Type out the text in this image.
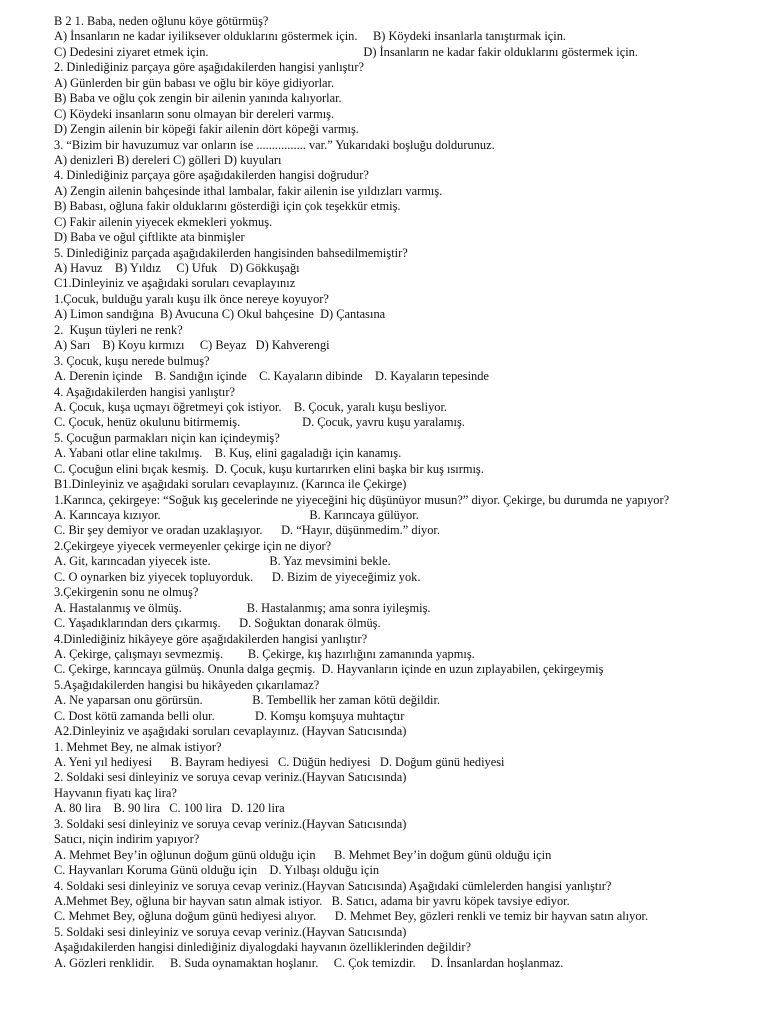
B 2 1. Baba, neden oğlunu köye götürmüş?
A) İnsanların ne kadar iyiliksever olduklarını göstermek için.     B) Köydeki insanlarla tanıştırmak için.
C) Dedesini ziyaret etmek için.                                                  D) İnsanların ne kadar fakir olduklarını göstermek için.
2. Dinlediğiniz parçaya göre aşağıdakilerden hangisi yanlıştır?
A) Günlerden bir gün babası ve oğlu bir köye gidiyorlar.
B) Baba ve oğlu çok zengin bir ailenin yanında kalıyorlar.
C) Köydeki insanların sonu olmayan bir dereleri varmış.
D) Zengin ailenin bir köpeği fakir ailenin dört köpeği varmış.
3. “Bizim bir havuzumuz var onların ise ................ var.” Yukarıdaki boşluğu doldurunuz.
A) denizleri B) dereleri C) gölleri D) kuyuları
4. Dinlediğiniz parçaya göre aşağıdakilerden hangisi doğrudur?
A) Zengin ailenin bahçesinde ithal lambalar, fakir ailenin ise yıldızları varmış.
B) Babası, oğluna fakir olduklarını gösterdiği için çok teşekkür etmiş.
C) Fakir ailenin yiyecek ekmekleri yokmuş.
D) Baba ve oğul çiftlikte ata binmişler
5. Dinlediğiniz parçada aşağıdakilerden hangisinden bahsedilmemiştir?
A) Havuz    B) Yıldız     C) Ufuk    D) Gökkuşağı
C1.Dinleyiniz ve aşağıdaki soruları cevaplayınız
1.Çocuk, bulduğu yaralı kuşu ilk önce nereye koyuyor?
A) Limon sandığına  B) Avucuna C) Okul bahçesine  D) Çantasına
2.  Kuşun tüyleri ne renk?
A) Sarı    B) Koyu kırmızı     C) Beyaz   D) Kahverengi
3. Çocuk, kuşu nerede bulmuş?
A. Derenin içinde    B. Sandığın içinde    C. Kayaların dibinde    D. Kayaların tepesinde
4. Aşağıdakilerden hangisi yanlıştır?
A. Çocuk, kuşa uçmayı öğretmeyi çok istiyor.    B. Çocuk, yaralı kuşu besliyor.
C. Çocuk, henüz okulunu bitirmemiş.                    D. Çocuk, yavru kuşu yaralamış.
5. Çocuğun parmakları niçin kan içindeymiş?
A. Yabani otlar eline takılmış.    B. Kuş, elini gagaladığı için kanamış.
C. Çocuğun elini bıçak kesmiş.  D. Çocuk, kuşu kurtarırken elini başka bir kuş ısırmış.
B1.Dinleyiniz ve aşağıdaki soruları cevaplayınız. (Karınca ile Çekirge)
1.Karınca, çekirgeye: “Soğuk kış gecelerinde ne yiyeceğini hiç düşünüyor musun?” diyor. Çekirge, bu durumda ne yapıyor?
A. Karıncaya kızıyor.                                                B. Karıncaya gülüyor.
C. Bir şey demiyor ve oradan uzaklaşıyor.      D. “Hayır, düşünmedim.” diyor.
2.Çekirgeye yiyecek vermeyenler çekirge için ne diyor?
A. Git, karıncadan yiyecek iste.                   B. Yaz mevsimini bekle.
C. O oynarken biz yiyecek topluyorduk.      D. Bizim de yiyeceğimiz yok.
3.Çekirgenin sonu ne olmuş?
A. Hastalanmış ve ölmüş.                     B. Hastalanmış; ama sonra iyileşmiş.
C. Yaşadıklarından ders çıkarmış.      D. Soğuktan donarak ölmüş.
4.Dinlediğiniz hikâyeye göre aşağıdakilerden hangisi yanlıştır?
A. Çekirge, çalışmayı sevmezmiş.        B. Çekirge, kış hazırlığını zamanında yapmış.
C. Çekirge, karıncaya gülmüş. Onunla dalga geçmiş.  D. Hayvanların içinde en uzun zıplayabilen, çekirgeymiş
5.Aşağıdakilerden hangisi bu hikâyeden çıkarılamaz?
A. Ne yaparsan onu görürsün.                B. Tembellik her zaman kötü değildir.
C. Dost kötü zamanda belli olur.             D. Komşu komşuya muhtaçtır
A2.Dinleyiniz ve aşağıdaki soruları cevaplayınız. (Hayvan Satıcısında)
1. Mehmet Bey, ne almak istiyor?
A. Yeni yıl hediyesi      B. Bayram hediyesi   C. Düğün hediyesi   D. Doğum günü hediyesi
2. Soldaki sesi dinleyiniz ve soruya cevap veriniz.(Hayvan Satıcısında)
Hayvanın fiyatı kaç lira?
A. 80 lira    B. 90 lira   C. 100 lira   D. 120 lira
3. Soldaki sesi dinleyiniz ve soruya cevap veriniz.(Hayvan Satıcısında)
Satıcı, niçin indirim yapıyor?
A. Mehmet Bey’in oğlunun doğum günü olduğu için      B. Mehmet Bey’in doğum günü olduğu için
C. Hayvanları Koruma Günü olduğu için    D. Yılbaşı olduğu için
4. Soldaki sesi dinleyiniz ve soruya cevap veriniz.(Hayvan Satıcısında) Aşağıdaki cümlelerden hangisi yanlıştır?
A.Mehmet Bey, oğluna bir hayvan satın almak istiyor.   B. Satıcı, adama bir yavru köpek tavsiye ediyor.
C. Mehmet Bey, oğluna doğum günü hediyesi alıyor.      D. Mehmet Bey, gözleri renkli ve temiz bir hayvan satın alıyor.
5. Soldaki sesi dinleyiniz ve soruya cevap veriniz.(Hayvan Satıcısında)
Aşağıdakilerden hangisi dinlediğiniz diyalogdaki hayvanın özelliklerinden değildir?
A. Gözleri renklidir.     B. Suda oynamaktan hoşlanır.     C. Çok temizdir.     D. İnsanlardan hoşlanmaz.
